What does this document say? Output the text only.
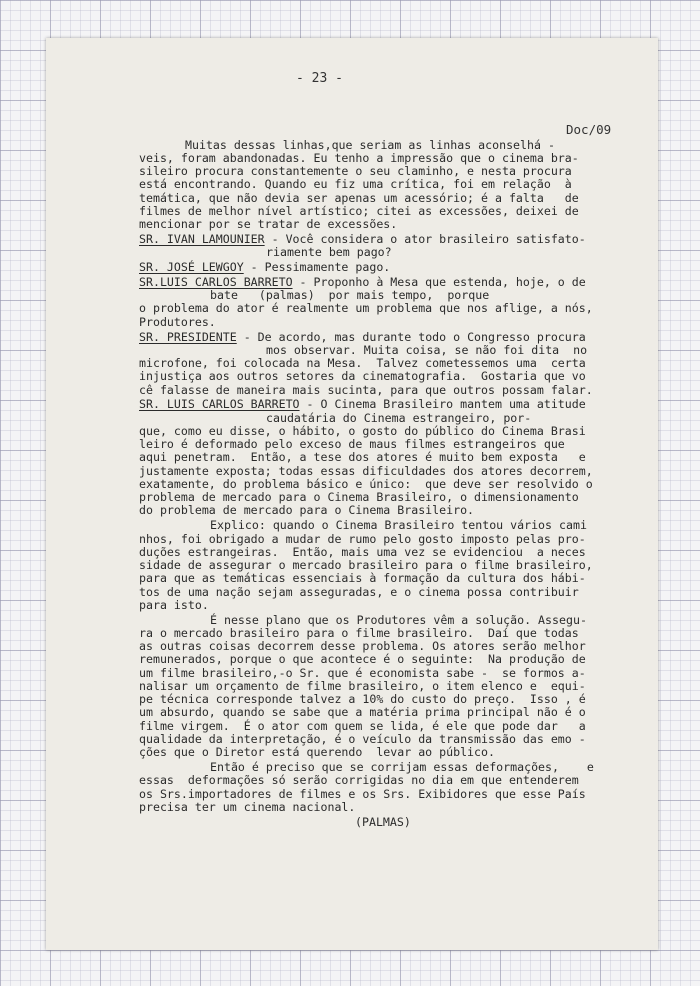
- 23 -
Doc/09
Muitas dessas linhas,que seriam as linhas aconselhá -
veis, foram abandonadas. Eu tenho a impressão que o cinema bra-
sileiro procura constantemente o seu claminho, e nesta procura
está encontrando. Quando eu fiz uma crítica, foi em relação  à
temática, que não devia ser apenas um acessório; é a falta   de
filmes de melhor nível artístico; citei as excessões, deixei de
mencionar por se tratar de excessões.
SR. IVAN LAMOUNIER - Você considera o ator brasileiro satisfato-
riamente bem pago?
SR. JOSÉ LEWGOY - Pessimamente pago.
SR.LUIS CARLOS BARRETO - Proponho à Mesa que estenda, hoje, o de
bate   (palmas)  por mais tempo,  porque
o problema do ator é realmente um problema que nos aflige, a nós,
Produtores.
SR. PRESIDENTE - De acordo, mas durante todo o Congresso procura
mos observar. Muita coisa, se não foi dita  no
microfone, foi colocada na Mesa.  Talvez cometessemos uma  certa
injustiça aos outros setores da cinematografia.  Gostaria que vo
cê falasse de maneira mais sucinta, para que outros possam falar.
SR. LUIS CARLOS BARRETO - O Cinema Brasileiro mantem uma atitude
caudatária do Cinema estrangeiro, por-
que, como eu disse, o hábito, o gosto do público do Cinema Brasi
leiro é deformado pelo exceso de maus filmes estrangeiros que
aqui penetram.  Então, a tese dos atores é muito bem exposta   e
justamente exposta; todas essas dificuldades dos atores decorrem,
exatamente, do problema básico e único:  que deve ser resolvido o
problema de mercado para o Cinema Brasileiro, o dimensionamento
do problema de mercado para o Cinema Brasileiro.
Explico: quando o Cinema Brasileiro tentou vários cami
nhos, foi obrigado a mudar de rumo pelo gosto imposto pelas pro-
duções estrangeiras.  Então, mais uma vez se evidenciou  a neces
sidade de assegurar o mercado brasileiro para o filme brasileiro,
para que as temáticas essenciais à formação da cultura dos hábi-
tos de uma nação sejam asseguradas, e o cinema possa contribuir
para isto.
É nesse plano que os Produtores vêm a solução. Assegu-
ra o mercado brasileiro para o filme brasileiro.  Daí que todas
as outras coisas decorrem desse problema. Os atores serão melhor
remunerados, porque o que acontece é o seguinte:  Na produção de
um filme brasileiro,-o Sr. que é economista sabe -  se formos a-
nalisar um orçamento de filme brasileiro, o item elenco e  equi-
pe técnica corresponde talvez a 10% do custo do preço.  Isso , é
um absurdo, quando se sabe que a matéria prima principal não é o
filme virgem.  É o ator com quem se lida, é ele que pode dar   a
qualidade da interpretação, é o veículo da transmissão das emo -
ções que o Diretor está querendo  levar ao público.
Então é preciso que se corrijam essas deformações,    e
essas  deformações só serão corrigidas no dia em que entenderem
os Srs.importadores de filmes e os Srs. Exibidores que esse País
precisa ter um cinema nacional.
(PALMAS)
